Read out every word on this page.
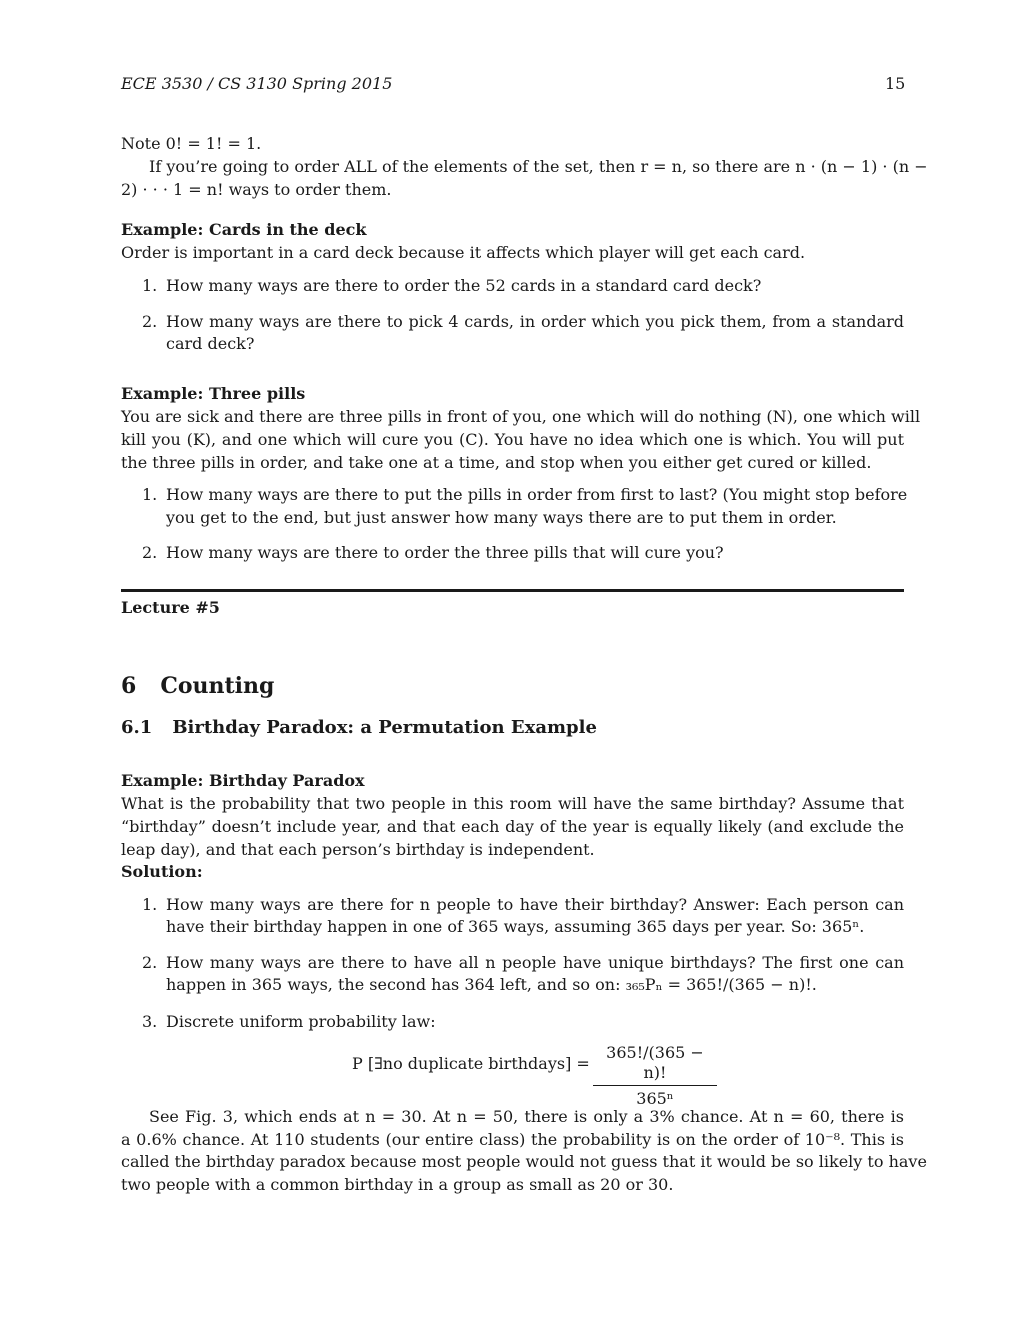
ECE 3530 / CS 3130 Spring 2015	15
Note 0! = 1! = 1.
If you’re going to order ALL of the elements of the set, then r = n, so there are n · (n − 1) · (n −
2) · · · 1 = n! ways to order them.
Example: Cards in the deck
Order is important in a card deck because it affects which player will get each card.
1. How many ways are there to order the 52 cards in a standard card deck?
2. How many ways are there to pick 4 cards, in order which you pick them, from a standard
card deck?
Example: Three pills
You are sick and there are three pills in front of you, one which will do nothing (N), one which will
kill you (K), and one which will cure you (C). You have no idea which one is which. You will put
the three pills in order, and take one at a time, and stop when you either get cured or killed.
1. How many ways are there to put the pills in order from first to last? (You might stop before
you get to the end, but just answer how many ways there are to put them in order.
2. How many ways are there to order the three pills that will cure you?
Lecture #5
6 Counting
6.1 Birthday Paradox: a Permutation Example
Example: Birthday Paradox
What is the probability that two people in this room will have the same birthday? Assume that
“birthday” doesn’t include year, and that each day of the year is equally likely (and exclude the
leap day), and that each person’s birthday is independent.
Solution:
1. How many ways are there for n people to have their birthday? Answer: Each person can
have their birthday happen in one of 365 ways, assuming 365 days per year. So: 365ⁿ.
2. How many ways are there to have all n people have unique birthdays? The first one can
happen in 365 ways, the second has 364 left, and so on: ₃₆₅Pₙ = 365!/(365 − n)!.
3. Discrete uniform probability law:
P [∃no duplicate birthdays] = $\frac{365!/(365 - n)!}{\text{365ⁿ}}$
See Fig. 3, which ends at n = 30. At n = 50, there is only a 3% chance. At n = 60, there is
a 0.6% chance. At 110 students (our entire class) the probability is on the order of 10⁻⁸. This is
called the birthday paradox because most people would not guess that it would be so likely to have
two people with a common birthday in a group as small as 20 or 30.
